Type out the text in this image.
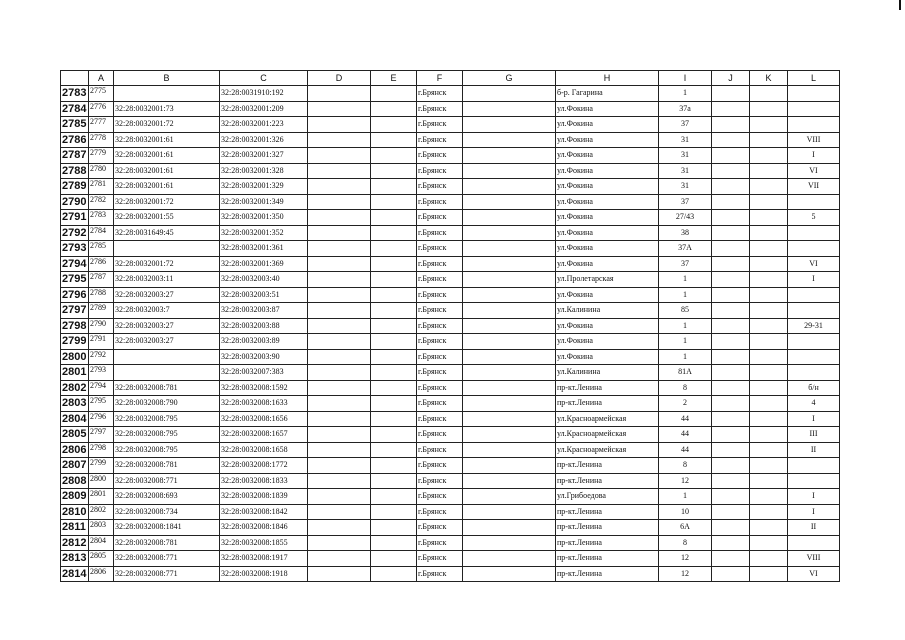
	A	B	C	D	E	F	G	H	I	J	K	L
2783	2775		32:28:0031910:192			г.Брянск		б-р. Гагарина	1			
2784	2776	32:28:0032001:73	32:28:0032001:209			г.Брянск		ул.Фокина	37а			
2785	2777	32:28:0032001:72	32:28:0032001:223			г.Брянск		ул.Фокина	37			
2786	2778	32:28:0032001:61	32:28:0032001:326			г.Брянск		ул.Фокина	31			VIII
2787	2779	32:28:0032001:61	32:28:0032001:327			г.Брянск		ул.Фокина	31			I
2788	2780	32:28:0032001:61	32:28:0032001:328			г.Брянск		ул.Фокина	31			VI
2789	2781	32:28:0032001:61	32:28:0032001:329			г.Брянск		ул.Фокина	31			VII
2790	2782	32:28:0032001:72	32:28:0032001:349			г.Брянск		ул.Фокина	37			
2791	2783	32:28:0032001:55	32:28:0032001:350			г.Брянск		ул.Фокина	27/43			5
2792	2784	32:28:0031649:45	32:28:0032001:352			г.Брянск		ул.Фокина	38			
2793	2785		32:28:0032001:361			г.Брянск		ул.Фокина	37А			
2794	2786	32:28:0032001:72	32:28:0032001:369			г.Брянск		ул.Фокина	37			VI
2795	2787	32:28:0032003:11	32:28:0032003:40			г.Брянск		ул.Пролетарская	1			I
2796	2788	32:28:0032003:27	32:28:0032003:51			г.Брянск		ул.Фокина	1			
2797	2789	32:28:0032003:7	32:28:0032003:87			г.Брянск		ул.Калинина	85			
2798	2790	32:28:0032003:27	32:28:0032003:88			г.Брянск		ул.Фокина	1			29-31
2799	2791	32:28:0032003:27	32:28:0032003:89			г.Брянск		ул.Фокина	1			
2800	2792		32:28:0032003:90			г.Брянск		ул.Фокина	1			
2801	2793		32:28:0032007:383			г.Брянск		ул.Калинина	81А			
2802	2794	32:28:0032008:781	32:28:0032008:1592			г.Брянск		пр-кт.Ленина	8			б/н
2803	2795	32:28:0032008:790	32:28:0032008:1633			г.Брянск		пр-кт.Ленина	2			4
2804	2796	32:28:0032008:795	32:28:0032008:1656			г.Брянск		ул.Красноармейская	44			I
2805	2797	32:28:0032008:795	32:28:0032008:1657			г.Брянск		ул.Красноармейская	44			III
2806	2798	32:28:0032008:795	32:28:0032008:1658			г.Брянск		ул.Красноармейская	44			II
2807	2799	32:28:0032008:781	32:28:0032008:1772			г.Брянск		пр-кт.Ленина	8			
2808	2800	32:28:0032008:771	32:28:0032008:1833			г.Брянск		пр-кт.Ленина	12			
2809	2801	32:28:0032008:693	32:28:0032008:1839			г.Брянск		ул.Грибоедова	1			I
2810	2802	32:28:0032008:734	32:28:0032008:1842			г.Брянск		пр-кт.Ленина	10			I
2811	2803	32:28:0032008:1841	32:28:0032008:1846			г.Брянск		пр-кт.Ленина	6А			II
2812	2804	32:28:0032008:781	32:28:0032008:1855			г.Брянск		пр-кт.Ленина	8			
2813	2805	32:28:0032008:771	32:28:0032008:1917			г.Брянск		пр-кт.Ленина	12			VIII
2814	2806	32:28:0032008:771	32:28:0032008:1918			г.Брянск		пр-кт.Ленина	12			VI
